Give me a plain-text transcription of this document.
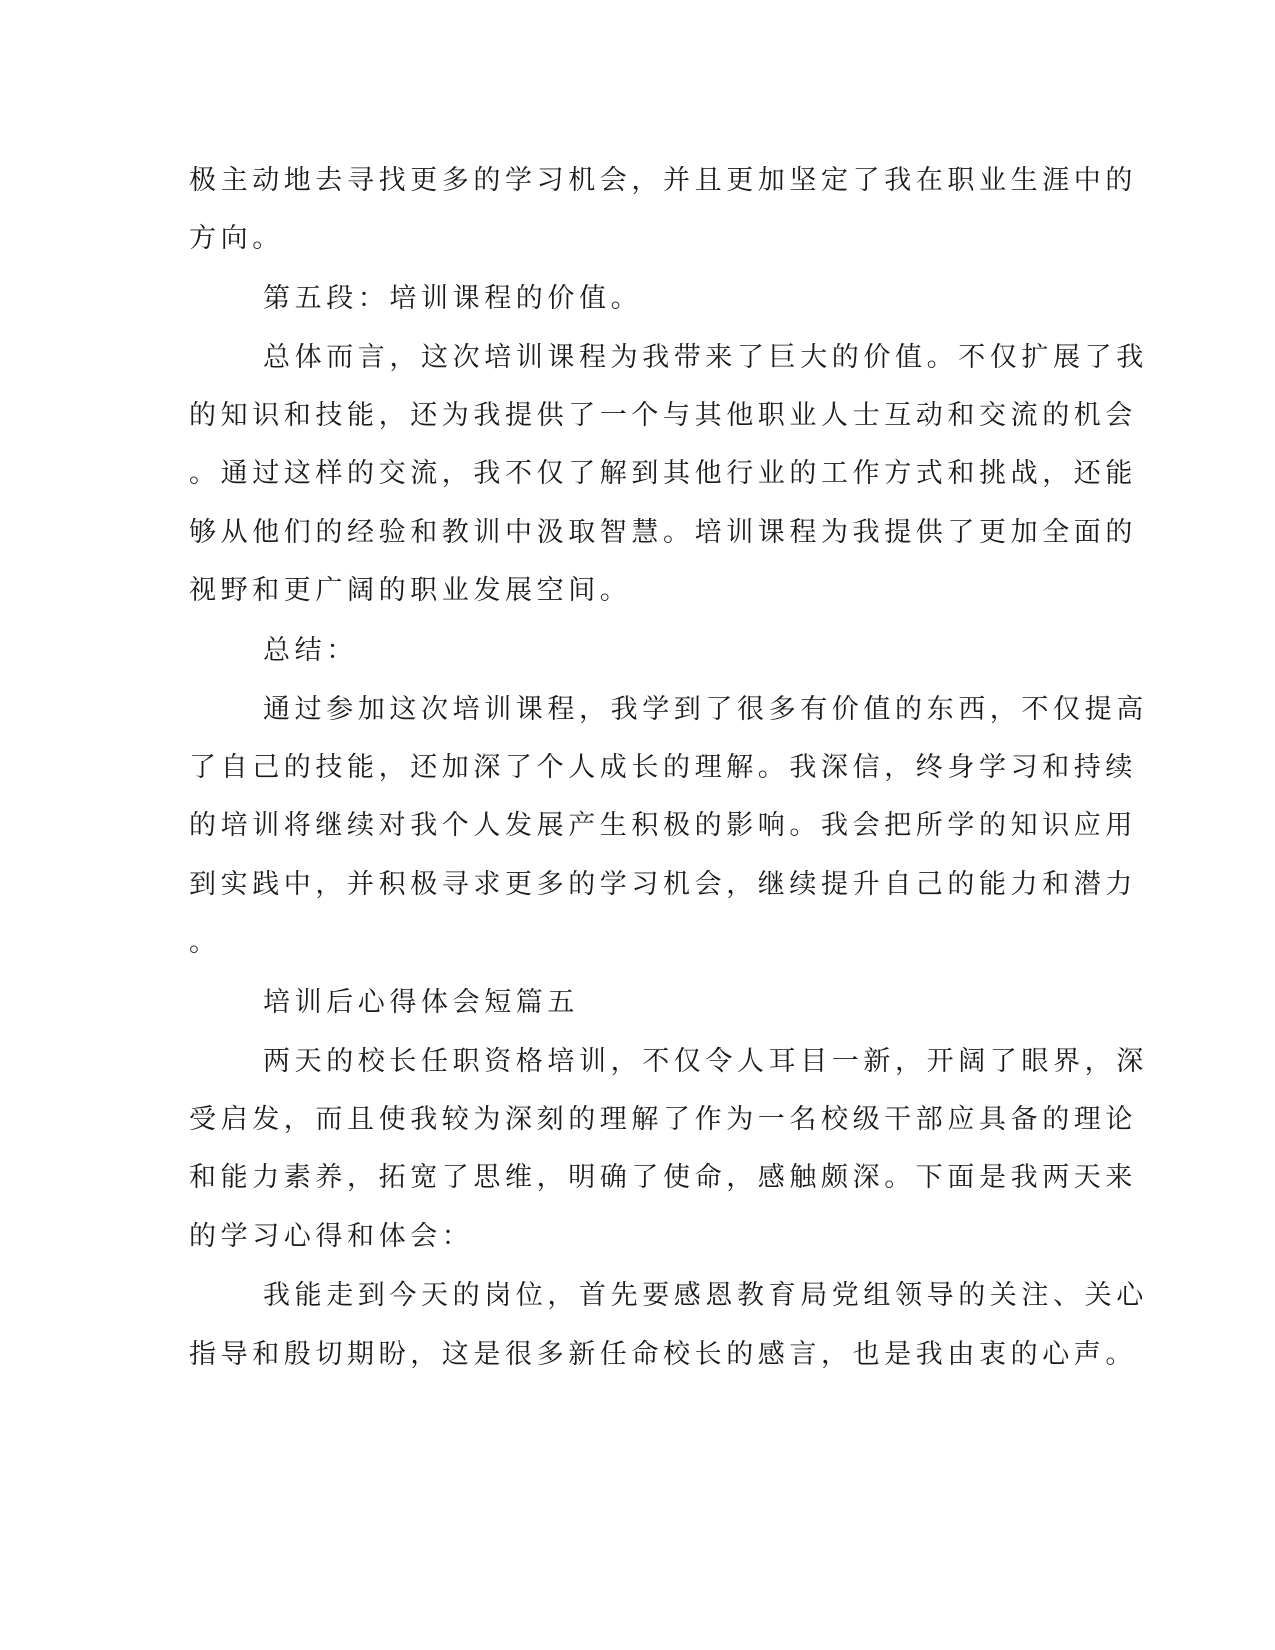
极主动地去寻找更多的学习机会，并且更加坚定了我在职业生涯中的
方向。
第五段：培训课程的价值。
总体而言，这次培训课程为我带来了巨大的价值。不仅扩展了我
的知识和技能，还为我提供了一个与其他职业人士互动和交流的机会
。通过这样的交流，我不仅了解到其他行业的工作方式和挑战，还能
够从他们的经验和教训中汲取智慧。培训课程为我提供了更加全面的
视野和更广阔的职业发展空间。
总结：
通过参加这次培训课程，我学到了很多有价值的东西，不仅提高
了自己的技能，还加深了个人成长的理解。我深信，终身学习和持续
的培训将继续对我个人发展产生积极的影响。我会把所学的知识应用
到实践中，并积极寻求更多的学习机会，继续提升自己的能力和潜力
。
培训后心得体会短篇五
两天的校长任职资格培训，不仅令人耳目一新，开阔了眼界，深
受启发，而且使我较为深刻的理解了作为一名校级干部应具备的理论
和能力素养，拓宽了思维，明确了使命，感触颇深。下面是我两天来
的学习心得和体会：
我能走到今天的岗位，首先要感恩教育局党组领导的关注、关心
指导和殷切期盼，这是很多新任命校长的感言，也是我由衷的心声。
